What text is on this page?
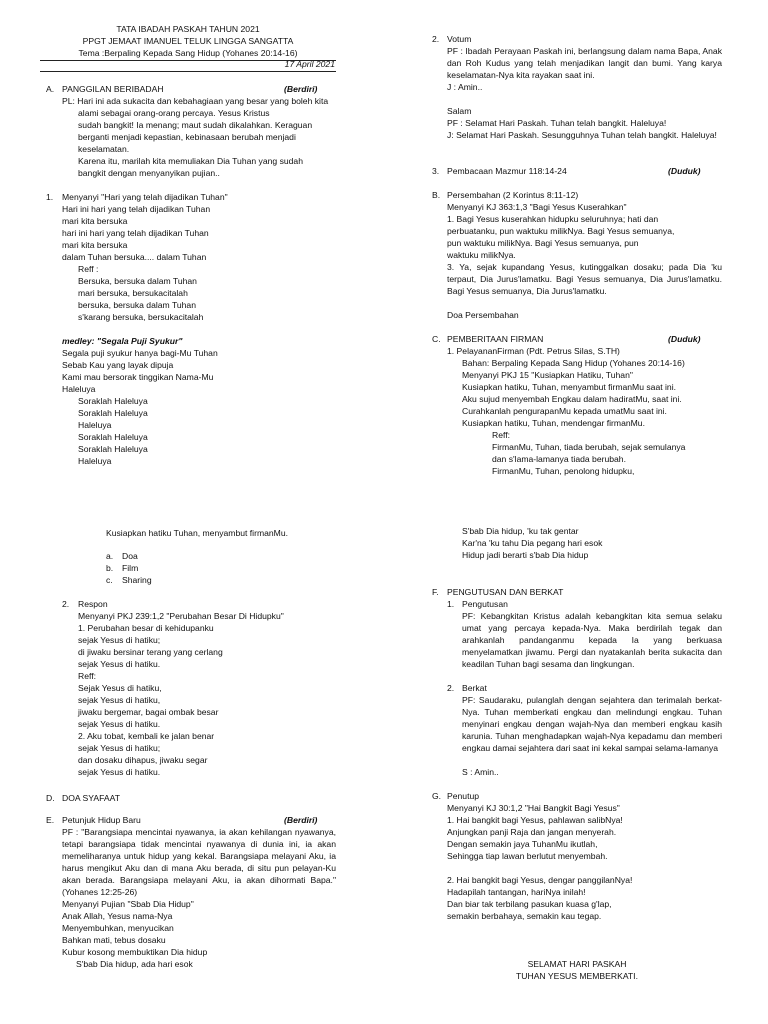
TATA IBADAH PASKAH TAHUN 2021
PPGT JEMAAT IMANUEL TELUK LINGGA SANGATTA
Tema :Berpaling Kepada Sang Hidup (Yohanes 20:14-16)
17 April 2021
A. PANGGILAN BERIBADAH	(Berdiri)
PL: Hari ini ada sukacita dan kebahagiaan yang besar yang boleh kita
alami sebagai orang-orang percaya. Yesus Kristus
sudah bangkit! Ia menang; maut sudah dikalahkan. Keraguan
berganti menjadi kepastian, kebinasaan berubah menjadi
keselamatan.
Karena itu, marilah kita memuliakan Dia Tuhan yang sudah
bangkit dengan menyanyikan pujian..
1. Menyanyi "Hari yang telah dijadikan Tuhan"
Hari ini hari yang telah dijadikan Tuhan
mari kita bersuka
hari ini hari yang telah dijadikan Tuhan
mari kita bersuka
dalam Tuhan bersuka.... dalam Tuhan
Reff :
Bersuka, bersuka dalam Tuhan
mari bersuka, bersukacitalah
bersuka, bersuka dalam Tuhan
s'karang bersuka, bersukacitalah
medley: "Segala Puji Syukur"
Segala puji syukur hanya bagi-Mu Tuhan
Sebab Kau yang layak dipuja
Kami mau bersorak tinggikan Nama-Mu
Haleluya
Soraklah Haleluya
Soraklah Haleluya
Haleluya
Soraklah Haleluya
Soraklah Haleluya
Haleluya
Kusiapkan hatiku Tuhan, menyambut firmanMu.
a. Doa
b. Film
c. Sharing
2. Respon
Menyanyi PKJ 239:1,2 "Perubahan Besar Di Hidupku"
1. Perubahan besar di kehidupanku
sejak Yesus di hatiku;
di jiwaku bersinar terang yang cerlang
sejak Yesus di hatiku.
Reff:
Sejak Yesus di hatiku,
sejak Yesus di hatiku,
jiwaku bergemar, bagai ombak besar
sejak Yesus di hatiku.
2. Aku tobat, kembali ke jalan benar
sejak Yesus di hatiku;
dan dosaku dihapus, jiwaku segar
sejak Yesus di hatiku.
D. DOA SYAFAAT
E. Petunjuk Hidup Baru	(Berdiri)
PF : "Barangsiapa mencintai nyawanya, ia akan kehilangan nyawanya, tetapi barangsiapa tidak mencintai nyawanya di dunia ini, ia akan memeliharanya untuk hidup yang kekal. Barangsiapa melayani Aku, ia harus mengikut Aku dan di mana Aku berada, di situ pun pelayan-Ku akan berada. Barangsiapa melayani Aku, ia akan dihormati Bapa." (Yohanes 12:25-26)
Menyanyi Pujian "Sbab Dia Hidup"
Anak Allah, Yesus nama-Nya
Menyembuhkan, menyucikan
Bahkan mati, tebus dosaku
Kubur kosong membuktikan Dia hidup
S'bab Dia hidup, ada hari esok
2. Votum
PF : Ibadah Perayaan Paskah ini, berlangsung dalam nama Bapa, Anak dan Roh Kudus yang telah menjadikan langit dan bumi. Yang karya keselamatan-Nya kita rayakan saat ini.
J : Amin..
Salam
PF : Selamat Hari Paskah. Tuhan telah bangkit. Haleluya!
J: Selamat Hari Paskah. Sesungguhnya Tuhan telah bangkit. Haleluya!
3. Pembacaan Mazmur 118:14-24	(Duduk)
B. Persembahan (2 Korintus 8:11-12)
Menyanyi KJ 363:1,3 "Bagi Yesus Kuserahkan"
1. Bagi Yesus kuserahkan hidupku seluruhnya; hati dan
perbuatanku, pun waktuku milikNya. Bagi Yesus semuanya,
pun waktuku milikNya. Bagi Yesus semuanya, pun
waktuku milikNya.
3. Ya, sejak kupandang Yesus, kutinggalkan dosaku; pada Dia 'ku terpaut, Dia Jurus'lamatku. Bagi Yesus semuanya, Dia Jurus'lamatku. Bagi Yesus semuanya, Dia Jurus'lamatku.
Doa Persembahan
C. PEMBERITAAN FIRMAN	(Duduk)
1. PelayananFirman (Pdt. Petrus Silas, S.TH)
Bahan: Berpaling Kepada Sang Hidup (Yohanes 20:14-16)
Menyanyi PKJ 15 "Kusiapkan Hatiku, Tuhan"
Kusiapkan hatiku, Tuhan, menyambut firmanMu saat ini.
Aku sujud menyembah Engkau dalam hadiratMu, saat ini.
Curahkanlah pengurapanMu kepada umatMu saat ini.
Kusiapkan hatiku, Tuhan, mendengar firmanMu.
Reff:
FirmanMu, Tuhan, tiada berubah, sejak semulanya
dan s'lama-lamanya tiada berubah.
FirmanMu, Tuhan, penolong hidupku,
S'bab Dia hidup, 'ku tak gentar
Kar'na 'ku tahu Dia pegang hari esok
Hidup jadi berarti s'bab Dia hidup
F. PENGUTUSAN DAN BERKAT
1. Pengutusan
PF: Kebangkitan Kristus adalah kebangkitan kita semua selaku umat yang percaya kepada-Nya. Maka berdirilah tegak dan arahkanlah pandanganmu kepada Ia yang berkuasa menyelamatkan jiwamu. Pergi dan nyatakanlah berita sukacita dan keadilan Tuhan bagi sesama dan lingkungan.
2. Berkat
PF: Saudaraku, pulanglah dengan sejahtera dan terimalah berkat-Nya. Tuhan memberkati engkau dan melindungi engkau. Tuhan menyinari engkau dengan wajah-Nya dan memberi engkau kasih karunia. Tuhan menghadapkan wajah-Nya kepadamu dan memberi engkau damai sejahtera dari saat ini kekal sampai selama-lamanya
S : Amin..
G. Penutup
Menyanyi KJ 30:1,2 "Hai Bangkit Bagi Yesus"
1. Hai bangkit bagi Yesus, pahlawan salibNya!
Anjungkan panji Raja dan jangan menyerah.
Dengan semakin jaya TuhanMu ikutlah,
Sehingga tiap lawan berlutut menyembah.
2. Hai bangkit bagi Yesus, dengar panggilanNya!
Hadapilah tantangan, hariNya inilah!
Dan biar tak terbilang pasukan kuasa g'lap,
semakin berbahaya, semakin kau tegap.
SELAMAT HARI PASKAH
TUHAN YESUS MEMBERKATI.
